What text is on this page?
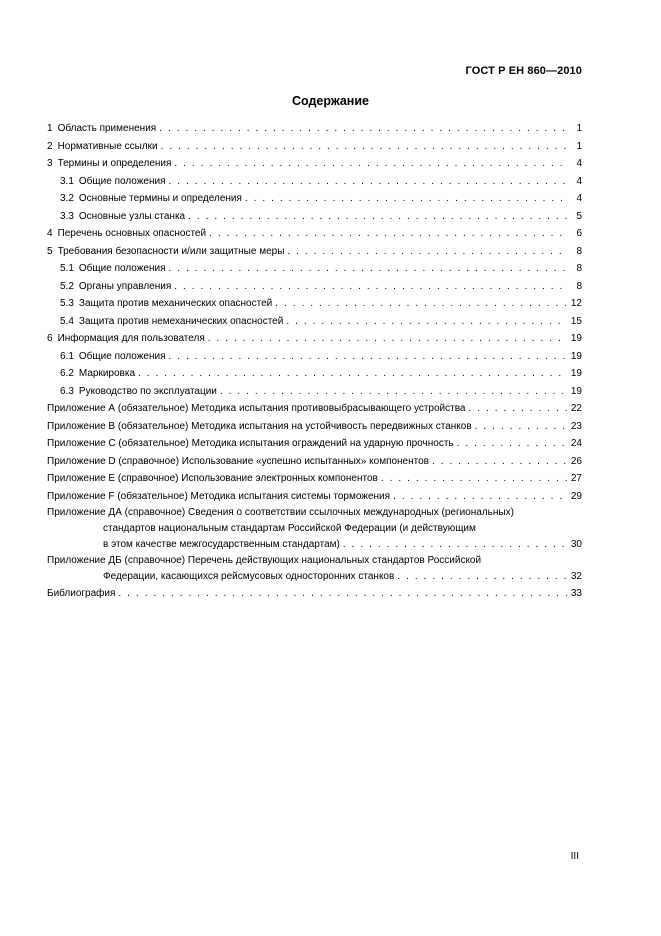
ГОСТ Р ЕН 860—2010
Содержание
1 Область применения . . .	1
2 Нормативные ссылки . . .	1
3 Термины и определения . . .	4
3.1 Общие положения . . .	4
3.2 Основные термины и определения . . .	4
3.3 Основные узлы станка . . .	5
4 Перечень основных опасностей . . .	6
5 Требования безопасности и/или защитные меры . . .	8
5.1 Общие положения . . .	8
5.2 Органы управления . . .	8
5.3 Защита против механических опасностей . . .	12
5.4 Защита против немеханических опасностей . . .	15
6 Информация для пользователя . . .	19
6.1 Общие положения . . .	19
6.2 Маркировка . . .	19
6.3 Руководство по эксплуатации . . .	19
Приложение А (обязательное) Методика испытания противовыбрасывающего устройства . . .	22
Приложение В (обязательное) Методика испытания на устойчивость передвижных станков . . .	23
Приложение С (обязательное) Методика испытания ограждений на ударную прочность . . .	24
Приложение D (справочное) Использование «успешно испытанных» компонентов . . .	26
Приложение Е (справочное) Использование электронных компонентов . . .	27
Приложение F (обязательное) Методика испытания системы торможения . . .	29
Приложение ДА (справочное) Сведения о соответствии ссылочных международных (региональных)
стандартов национальным стандартам Российской Федерации (и действующим
в этом качестве межгосударственным стандартам) . . .	30
Приложение ДБ (справочное) Перечень действующих национальных стандартов Российской
Федерации, касающихся рейсмусовых односторонних станков . . .	32
Библиография . . .	33
III
